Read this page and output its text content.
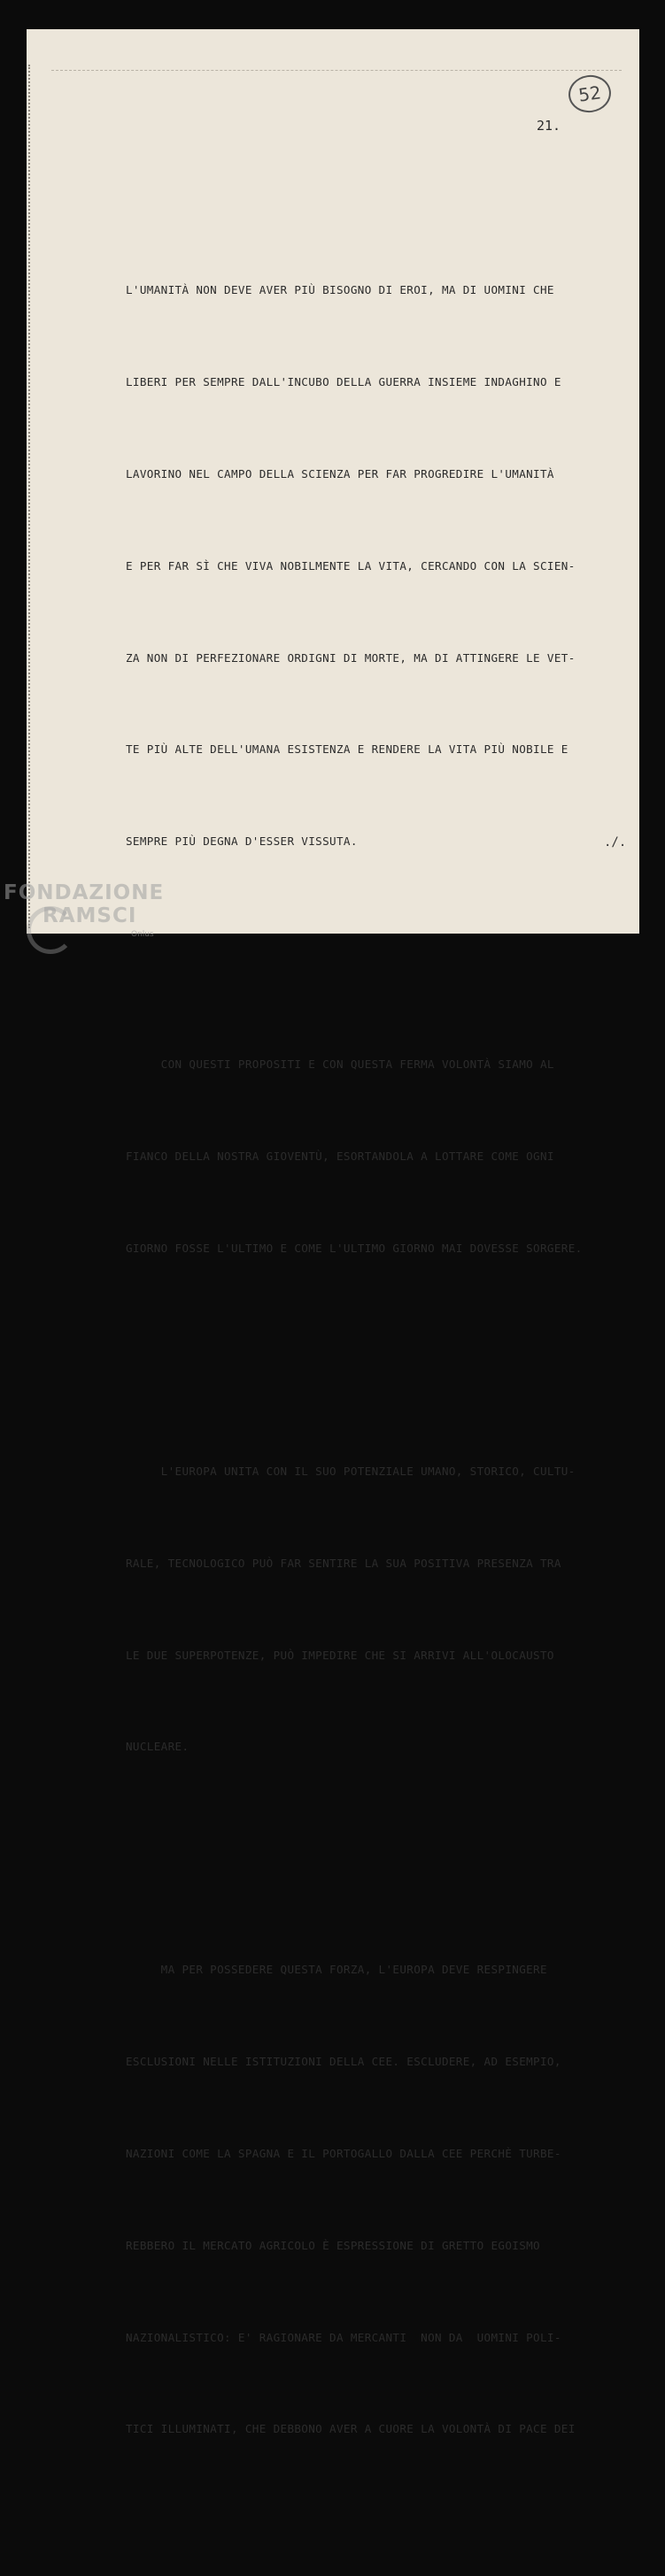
52
21.

L'UMANITÀ NON DEVE AVER PIÙ BISOGNO DI EROI, MA DI UOMINI CHE

LIBERI PER SEMPRE DALL'INCUBO DELLA GUERRA INSIEME INDAGHINO E

LAVORINO NEL CAMPO DELLA SCIENZA PER FAR PROGREDIRE L'UMANITÀ

E PER FAR SÌ CHE VIVA NOBILMENTE LA VITA, CERCANDO CON LA SCIEN-

ZA NON DI PERFEZIONARE ORDIGNI DI MORTE, MA DI ATTINGERE LE VET-

TE PIÙ ALTE DELL'UMANA ESISTENZA E RENDERE LA VITA PIÙ NOBILE E

SEMPRE PIÙ DEGNA D'ESSER VISSUTA.

CON QUESTI PROPOSITI E CON QUESTA FERMA VOLONTÀ SIAMO AL

FIANCO DELLA NOSTRA GIOVENTÙ, ESORTANDOLA A LOTTARE COME OGNI

GIORNO FOSSE L'ULTIMO E COME L'ULTIMO GIORNO MAI DOVESSE SORGERE.

L'EUROPA UNITA CON IL SUO POTENZIALE UMANO, STORICO, CULTU-

RALE, TECNOLOGICO PUÒ FAR SENTIRE LA SUA POSITIVA PRESENZA TRA

LE DUE SUPERPOTENZE, PUÒ IMPEDIRE CHE SI ARRIVI ALL'OLOCAUSTO

NUCLEARE.

MA PER POSSEDERE QUESTA FORZA, L'EUROPA DEVE RESPINGERE

ESCLUSIONI NELLE ISTITUZIONI DELLA CEE. ESCLUDERE, AD ESEMPIO,

NAZIONI COME LA SPAGNA E IL PORTOGALLO DALLA CEE PERCHÈ TURBE-

REBBERO IL MERCATO AGRICOLO È ESPRESSIONE DI GRETTO EGOISMO

NAZIONALISTICO: E' RAGIONARE DA MERCANTI  NON DA  UOMINI POLI-

TICI ILLUMINATI, CHE DEBBONO AVER A CUORE LA VOLONTÀ DI PACE DEI

./.
FONDAZIONE
RAMSCI
Onlus
